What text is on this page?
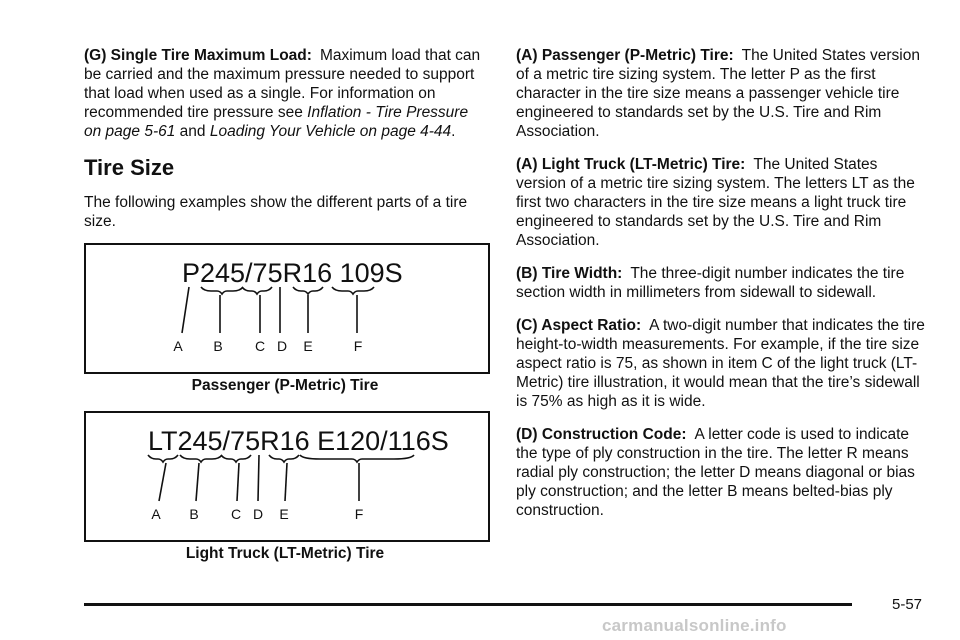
(G) Single Tire Maximum Load: Maximum load that can be carried and the maximum pressure needed to support that load when used as a single. For information on recommended tire pressure see Inflation - Tire Pressure on page 5-61 and Loading Your Vehicle on page 4-44.

Tire Size

The following examples show the different parts of a tire size.

P245/75R16 109S
A B C D E	F
Passenger (P-Metric) Tire
LT245/75R16 E120/116S
A B C D E	F
Light Truck (LT-Metric) Tire

(A) Passenger (P-Metric) Tire: The United States version of a metric tire sizing system. The letter P as the first character in the tire size means a passenger vehicle tire engineered to standards set by the U.S. Tire and Rim Association.

(A) Light Truck (LT-Metric) Tire: The United States version of a metric tire sizing system. The letters LT as the first two characters in the tire size means a light truck tire engineered to standards set by the U.S. Tire and Rim Association.

(B) Tire Width: The three-digit number indicates the tire section width in millimeters from sidewall to sidewall.

(C) Aspect Ratio: A two-digit number that indicates the tire height-to-width measurements. For example, if the tire size aspect ratio is 75, as shown in item C of the light truck (LT-Metric) tire illustration, it would mean that the tire’s sidewall is 75% as high as it is wide.

(D) Construction Code: A letter code is used to indicate the type of ply construction in the tire. The letter R means radial ply construction; the letter D means diagonal or bias ply construction; and the letter B means belted-bias ply construction.

5-57
carmanualsonline.info
